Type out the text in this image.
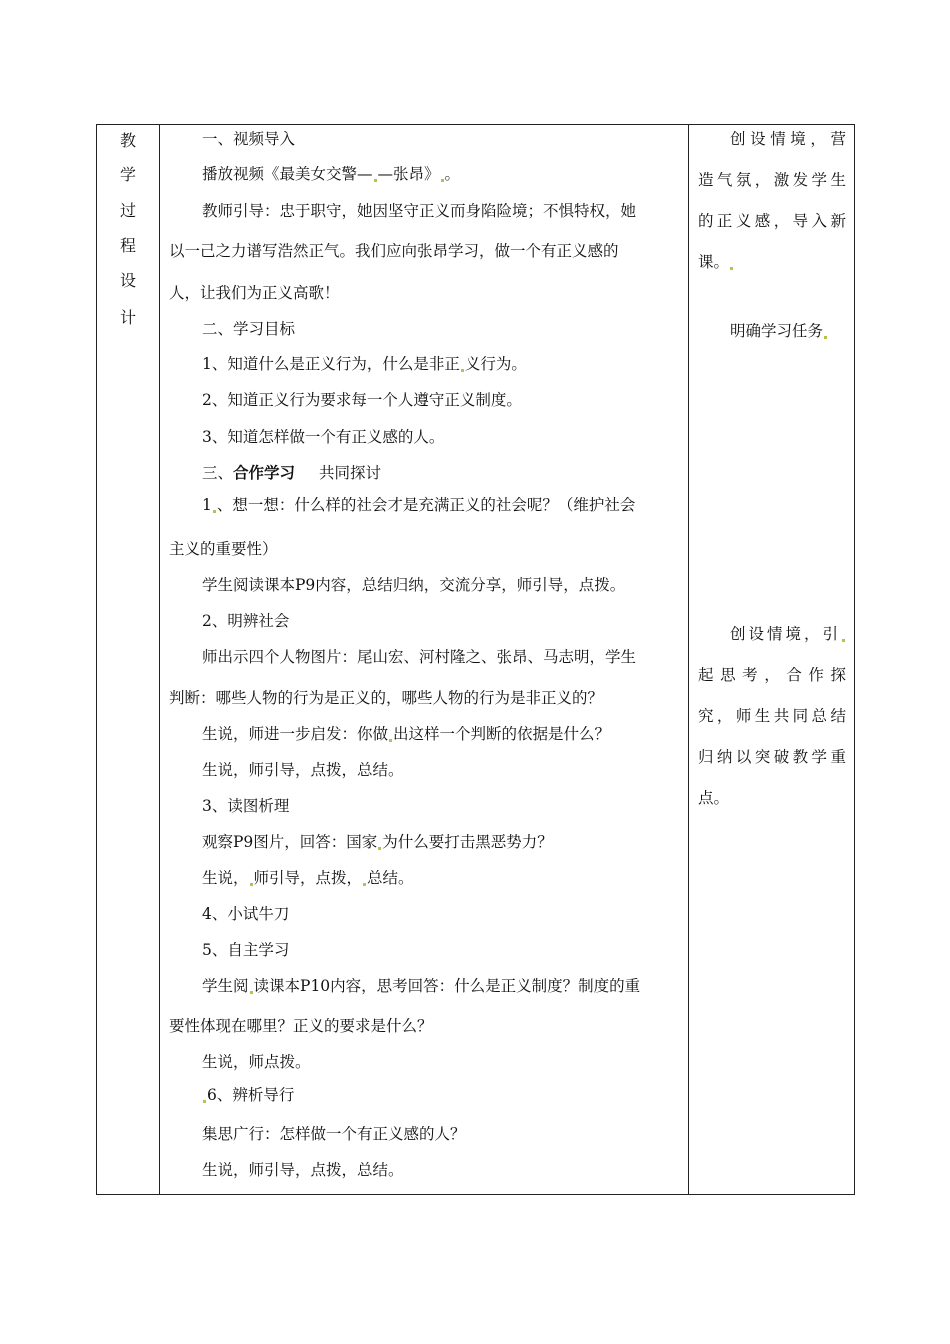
教
学
过
程
设
计
一、视频导入
播放视频《最美女交警— —张昂》 。
教师引导：忠于职守，她因坚守正义而身陷险境；不惧特权，她
以一己之力谱写浩然正气。我们应向张昂学习，做一个有正义感的
人，让我们为正义高歌！
二、学习目标
1、知道什么是正义行为，什么是非正 义行为。
2、知道正义行为要求每一个人遵守正义制度。
3、知道怎样做一个有正义感的人。
三、合作学习 共同探讨
1 、想一想：什么样的社会才是充满正义的社会呢？（维护社会
主义的重要性）
学生阅读课本P9内容，总结归纳，交流分享，师引导，点拨。
2、明辨社会
师出示四个人物图片：尾山宏、河村隆之、张昂、马志明，学生
判断：哪些人物的行为是正义的，哪些人物的行为是非正义的？
生说，师进一步启发：你做 出这样一个判断的依据是什么？
生说，师引导，点拨，总结。
3、读图析理
观察P9图片，回答：国家 为什么要打击黑恶势力？
生说， 师引导，点拨， 总结。
4、小试牛刀
5、自主学习
学生阅 读课本P10内容，思考回答：什么是正义制度？制度的重
要性体现在哪里？正义的要求是什么？
生说，师点拨。
6、辨析导行
集思广行：怎样做一个有正义感的人？
生说，师引导，点拨，总结。
创设情境，营
造气氛，激发学生
的正义感，导入新
课。
明确学习任务
创设情境，引
起思考，合作探
究，师生共同总结
归纳以突破教学重
点。
